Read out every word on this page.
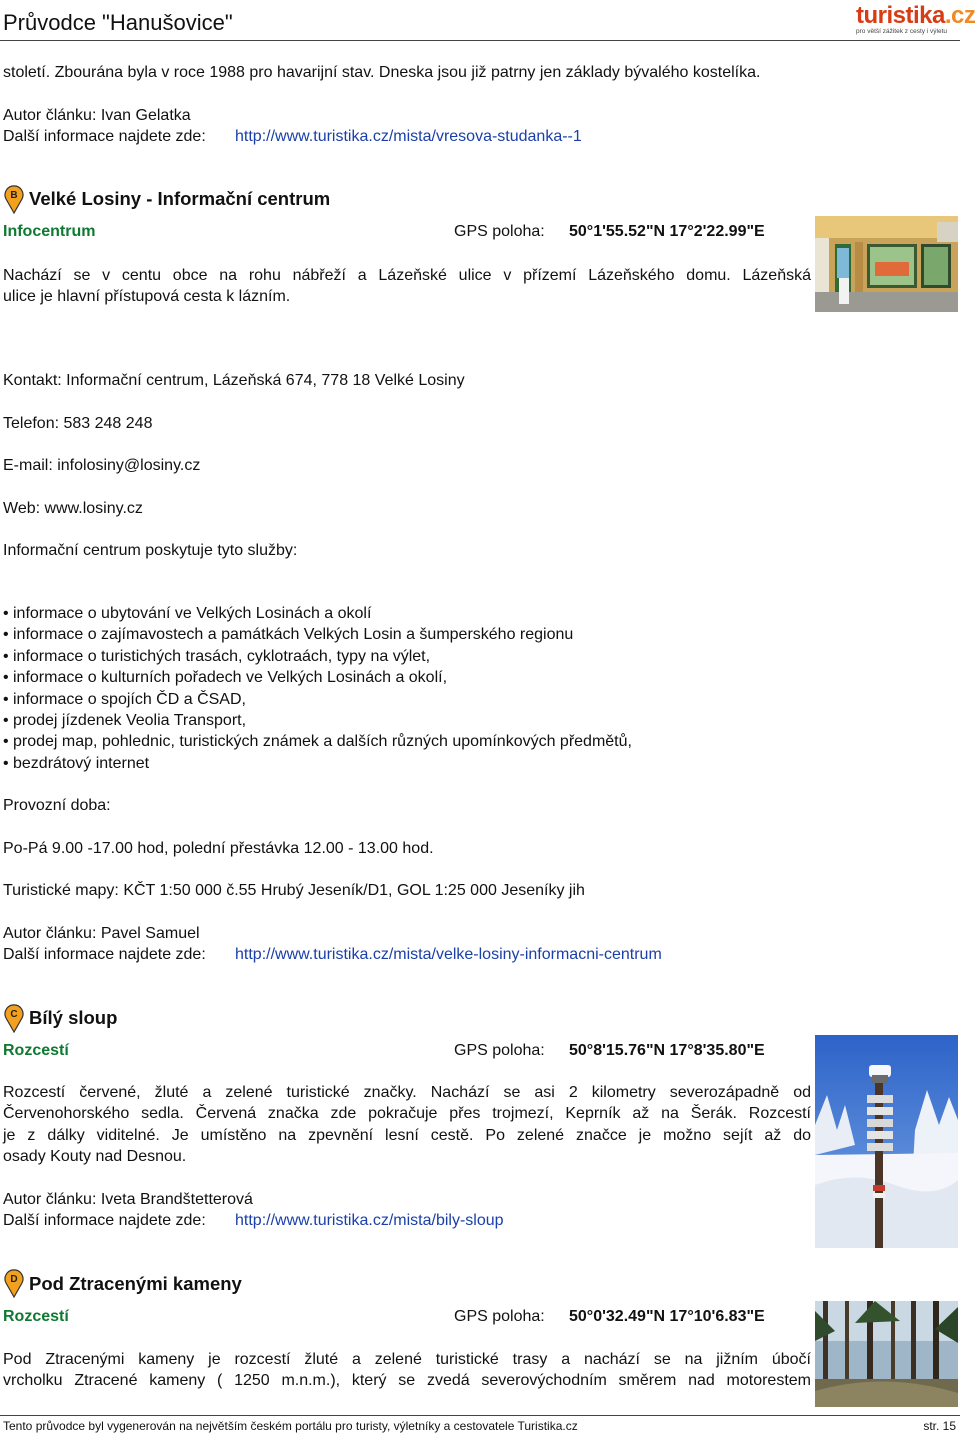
Průvodce "Hanušovice"	turistika.cz
pro větší zážitek z cesty i výletu
století. Zbourána byla v roce 1988 pro havarijní stav. Dneska jsou již patrny jen základy bývalého kostelíka.
Autor článku: Ivan Gelatka
Další informace najdete zde: http://www.turistika.cz/mista/vresova-studanka--1
B Velké Losiny - Informační centrum
Infocentrum	GPS poloha: 50°1'55.52"N 17°2'22.99"E
Nachází se v centu obce na rohu nábřeží a Lázeňské ulice v přízemí Lázeňského domu. Lázeňská
ulice je hlavní přístupová cesta k lázním.
Kontakt: Informační centrum, Lázeňská 674, 778 18 Velké Losiny
Telefon: 583 248 248
E-mail: infolosiny@losiny.cz
Web: www.losiny.cz
Informační centrum poskytuje tyto služby:
• informace o ubytování ve Velkých Losinách a okolí
• informace o zajímavostech a památkách Velkých Losin a šumperského regionu
• informace o turistichých trasách, cyklotraách, typy na výlet,
• informace o kulturních pořadech ve Velkých Losinách a okolí,
• informace o spojích ČD a ČSAD,
• prodej jízdenek Veolia Transport,
• prodej map, pohlednic, turistických známek a dalších různých upomínkových předmětů,
• bezdrátový internet
Provozní doba:
Po-Pá 9.00 -17.00 hod, polední přestávka 12.00 - 13.00 hod.
Turistické mapy: KČT 1:50 000 č.55 Hrubý Jeseník/D1, GOL 1:25 000 Jeseníky jih
Autor článku: Pavel Samuel
Další informace najdete zde: http://www.turistika.cz/mista/velke-losiny-informacni-centrum
C Bílý sloup
Rozcestí	GPS poloha: 50°8'15.76"N 17°8'35.80"E
Rozcestí červené, žluté a zelené turistické značky. Nachází se asi 2 kilometry severozápadně od
Červenohorského sedla. Červená značka zde pokračuje přes trojmezí, Keprník až na Šerák. Rozcestí
je z dálky viditelné. Je umístěno na zpevnění lesní cestě. Po zelené značce je možno sejít až do
osady Kouty nad Desnou.
Autor článku: Iveta Brandštetterová
Další informace najdete zde: http://www.turistika.cz/mista/bily-sloup
D Pod Ztracenými kameny
Rozcestí	GPS poloha: 50°0'32.49"N 17°10'6.83"E
Pod Ztracenými kameny je rozcestí žluté a zelené turistické trasy a nachází se na jižním úbočí
vrcholku Ztracené kameny ( 1250 m.n.m.), který se zvedá severovýchodním směrem nad motorestem
Tento průvodce byl vygenerován na největším českém portálu pro turisty, výletníky a cestovatele Turistika.cz	str. 15
